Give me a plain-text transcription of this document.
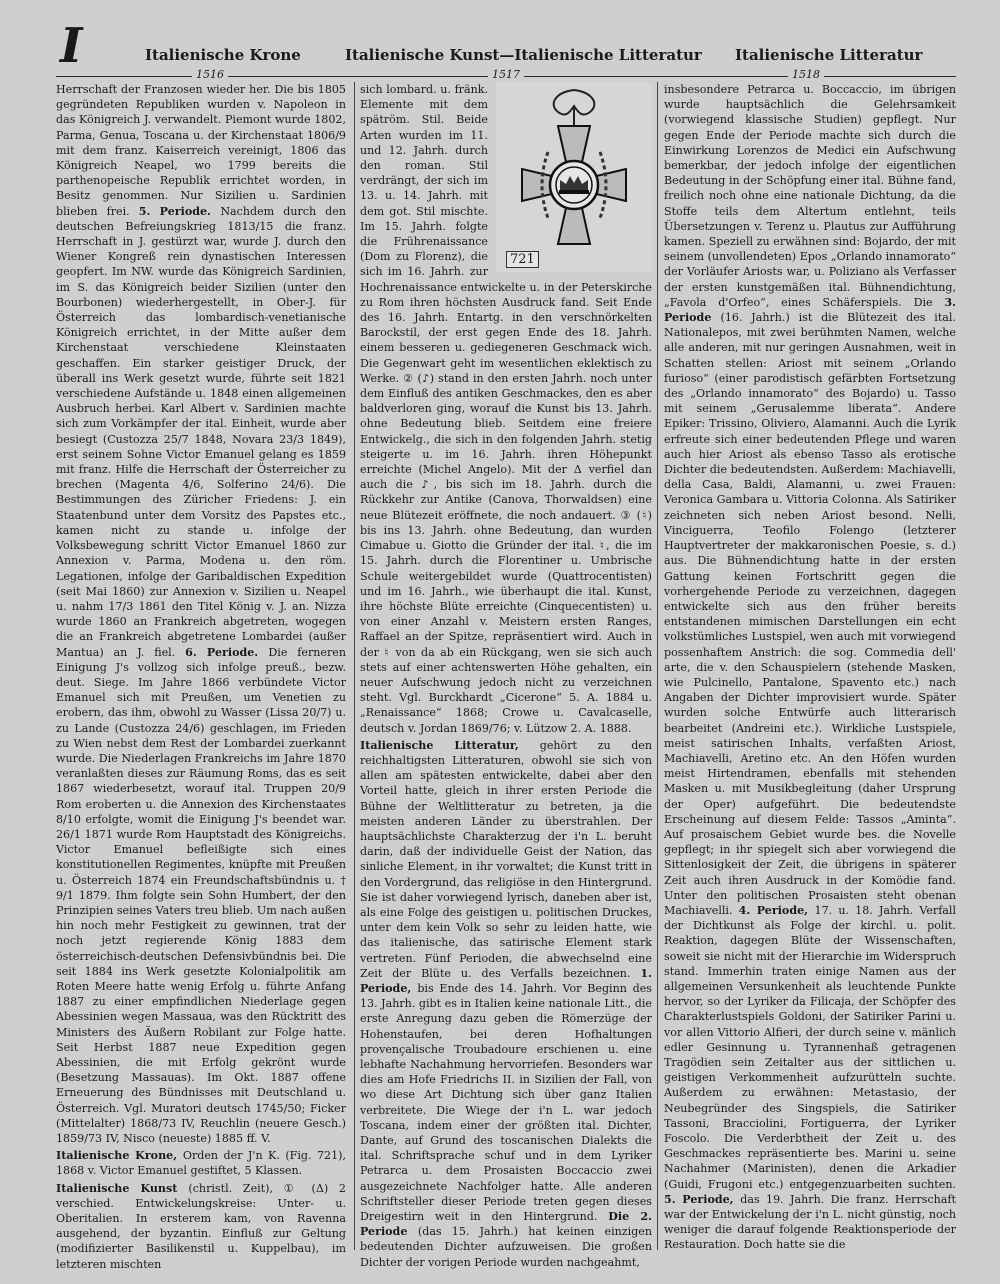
I	Italienische Krone	Italienische Kunst—Italienische Litteratur Italienische Litteratur
1516	1517	1518

Herrschaft der Franzosen wieder her. Die bis 1805 gegründeten Republiken wurden v. Napoleon in das Königreich J. verwandelt. Piemont wurde 1802, Parma, Genua, Toscana u. der Kirchenstaat 1806/9 mit dem franz. Kaiserreich vereinigt, 1806 das Königreich Neapel, wo 1799 bereits die parthenopeische Republik errichtet worden, in Besitz genommen. Nur Sizilien u. Sardinien blieben frei. 5. Periode. Nachdem durch den deutschen Befreiungskrieg 1813/15 die franz. Herrschaft in J. gestürzt war, wurde J. durch den Wiener Kongreß rein dynastischen Interessen geopfert. Im NW. wurde das Königreich Sardinien, im S. das Königreich beider Sizilien (unter den Bourbonen) wiederhergestellt, in Ober-J. für Österreich das lombardisch-venetianische Königreich errichtet, in der Mitte außer dem Kirchenstaat verschiedene Kleinstaaten geschaffen. Ein starker geistiger Druck, der überall ins Werk gesetzt wurde, führte seit 1821 verschiedene Aufstände u. 1848 einen allgemeinen Ausbruch herbei. Karl Albert v. Sardinien machte sich zum Vorkämpfer der ital. Einheit, wurde aber besiegt (Custozza 25/7 1848, Novara 23/3 1849), erst seinem Sohne Victor Emanuel gelang es 1859 mit franz. Hilfe die Herrschaft der Österreicher zu brechen (Magenta 4/6, Solferino 24/6). Die Bestimmungen des Züricher Friedens: J. ein Staatenbund unter dem Vorsitz des Papstes etc., kamen nicht zu stande u. infolge der Volksbewegung schritt Victor Emanuel 1860 zur Annexion v. Parma, Modena u. den röm. Legationen, infolge der Garibaldischen Expedition (seit Mai 1860) zur Annexion v. Sizilien u. Neapel u. nahm 17/3 1861 den Titel König v. J. an. Nizza wurde 1860 an Frankreich abgetreten, wogegen die an Frankreich abgetretene Lombardei (außer Mantua) an J. fiel. 6. Periode. Die ferneren Einigung J's vollzog sich infolge preuß., bezw. deut. Siege. Im Jahre 1866 verbündete Victor Emanuel sich mit Preußen, um Venetien zu erobern, das ihm, obwohl zu Wasser (Lissa 20/7) u. zu Lande (Custozza 24/6) geschlagen, im Frieden zu Wien nebst dem Rest der Lombardei zuerkannt wurde. Die Niederlagen Frankreichs im Jahre 1870 veranlaßten dieses zur Räumung Roms, das es seit 1867 wiederbesetzt, worauf ital. Truppen 20/9 Rom eroberten u. die Annexion des Kirchenstaates 8/10 erfolgte, womit die Einigung J's beendet war. 26/1 1871 wurde Rom Hauptstadt des Königreichs. Victor Emanuel befleißigte sich eines konstitutionellen Regimentes, knüpfte mit Preußen u. Österreich 1874 ein Freundschaftsbündnis u. † 9/1 1879. Ihm folgte sein Sohn Humbert, der den Prinzipien seines Vaters treu blieb. Um nach außen hin noch mehr Festigkeit zu gewinnen, trat der noch jetzt regierende König 1883 dem österreichisch-deutschen Defensivbündnis bei. Die seit 1884 ins Werk gesetzte Kolonialpolitik am Roten Meere hatte wenig Erfolg u. führte Anfang 1887 zu einer empfindlichen Niederlage gegen Abessinien wegen Massaua, was den Rücktritt des Ministers des Äußern Robilant zur Folge hatte. Seit Herbst 1887 neue Expedition gegen Abessinien, die mit Erfolg gekrönt wurde (Besetzung Massauas). Im Okt. 1887 offene Erneuerung des Bündnisses mit Deutschland u. Österreich. Vgl. Muratori deutsch 1745/50; Ficker (Mittelalter) 1868/73 IV, Reuchlin (neuere Gesch.) 1859/73 IV, Nisco (neueste) 1885 ff. V.

Italienische Krone, Orden der J'n K. (Fig. 721), 1868 v. Victor Emanuel gestiftet, 5 Klassen.

Italienische Kunst (christl. Zeit), ① (Δ) 2 verschied. Entwickelungskreise: Unter- u. Oberitalien. In ersterem kam, von Ravenna ausgehend, der byzantin. Einfluß zur Geltung (modifizierter Basilikenstil u. Kuppelbau), im letzteren mischten

721

sich lombard. u. fränk. Elemente mit dem spätröm. Stil. Beide Arten wurden im 11. und 12. Jahrh. durch den roman. Stil verdrängt, der sich im 13. u. 14. Jahrh. mit dem got. Stil mischte. Im 15. Jahrh. folgte die Frührenaissance (Dom zu Florenz), die sich im 16. Jahrh. zur Hochrenaissance entwickelte u. in der Peterskirche zu Rom ihren höchsten Ausdruck fand. Seit Ende des 16. Jahrh. Entartg. in den verschnörkelten Barockstil, der erst gegen Ende des 18. Jahrh. einem besseren u. gediegeneren Geschmack wich. Die Gegenwart geht im wesentlichen eklektisch zu Werke. ② (♪) stand in den ersten Jahrh. noch unter dem Einfluß des antiken Geschmackes, den es aber baldverloren ging, worauf die Kunst bis 13. Jahrh. ohne Bedeutung blieb. Seitdem eine freiere Entwickelg., die sich in den folgenden Jahrh. stetig steigerte u. im 16. Jahrh. ihren Höhepunkt erreichte (Michel Angelo). Mit der Δ verfiel dan auch die ♪, bis sich im 18. Jahrh. durch die Rückkehr zur Antike (Canova, Thorwaldsen) eine neue Blütezeit eröffnete, die noch andauert. ③ (♮) bis ins 13. Jahrh. ohne Bedeutung, dan wurden Cimabue u. Giotto die Gründer der ital. ♮, die im 15. Jahrh. durch die Florentiner u. Umbrische Schule weitergebildet wurde (Quattrocentisten) und im 16. Jahrh., wie überhaupt die ital. Kunst, ihre höchste Blüte erreichte (Cinquecentisten) u. von einer Anzahl v. Meistern ersten Ranges, Raffael an der Spitze, repräsentiert wird. Auch in der ♮ von da ab ein Rückgang, wen sie sich auch stets auf einer achtenswerten Höhe gehalten, ein neuer Aufschwung jedoch nicht zu verzeichnen steht. Vgl. Burckhardt „Cicerone“ 5. A. 1884 u. „Renaissance“ 1868; Crowe u. Cavalcaselle, deutsch v. Jordan 1869/76; v. Lützow 2. A. 1888.

Italienische Litteratur, gehört zu den reichhaltigsten Litteraturen, obwohl sie sich von allen am spätesten entwickelte, dabei aber den Vorteil hatte, gleich in ihrer ersten Periode die Bühne der Weltlitteratur zu betreten, ja die meisten anderen Länder zu überstrahlen. Der hauptsächlichste Charakterzug der i'n L. beruht darin, daß der individuelle Geist der Nation, das sinliche Element, in ihr vorwaltet; die Kunst tritt in den Vordergrund, das religiöse in den Hintergrund. Sie ist daher vorwiegend lyrisch, daneben aber ist, als eine Folge des geistigen u. politischen Druckes, unter dem kein Volk so sehr zu leiden hatte, wie das italienische, das satirische Element stark vertreten. Fünf Perioden, die abwechselnd eine Zeit der Blüte u. des Verfalls bezeichnen. 1. Periode, bis Ende des 14. Jahrh. Vor Beginn des 13. Jahrh. gibt es in Italien keine nationale Litt., die erste Anregung dazu geben die Römerzüge der Hohenstaufen, bei deren Hofhaltungen provençalische Troubadoure erschienen u. eine lebhafte Nachahmung hervorriefen. Besonders war dies am Hofe Friedrichs II. in Sizilien der Fall, von wo diese Art Dichtung sich über ganz Italien verbreitete. Die Wiege der i'n L. war jedoch Toscana, indem einer der größten ital. Dichter, Dante, auf Grund des toscanischen Dialekts die ital. Schriftsprache schuf und in dem Lyriker Petrarca u. dem Prosaisten Boccaccio zwei ausgezeichnete Nachfolger hatte. Alle anderen Schriftsteller dieser Periode treten gegen dieses Dreigestirn weit in den Hintergrund. Die 2. Periode (das 15. Jahrh.) hat keinen einzigen bedeutenden Dichter aufzuweisen. Die großen Dichter der vorigen Periode wurden nachgeahmt,

insbesondere Petrarca u. Boccaccio, im übrigen wurde hauptsächlich die Gelehrsamkeit (vorwiegend klassische Studien) gepflegt. Nur gegen Ende der Periode machte sich durch die Einwirkung Lorenzos de Medici ein Aufschwung bemerkbar, der jedoch infolge der eigentlichen Bedeutung in der Schöpfung einer ital. Bühne fand, freilich noch ohne eine nationale Dichtung, da die Stoffe teils dem Altertum entlehnt, teils Übersetzungen v. Terenz u. Plautus zur Aufführung kamen. Speziell zu erwähnen sind: Bojardo, der mit seinem (unvollendeten) Epos „Orlando innamorato“ der Vorläufer Ariosts war, u. Poliziano als Verfasser der ersten kunstgemäßen ital. Bühnendichtung, „Favola d'Orfeo“, eines Schäferspiels. Die 3. Periode (16. Jahrh.) ist die Blütezeit des ital. Nationalepos, mit zwei berühmten Namen, welche alle anderen, mit nur geringen Ausnahmen, weit in Schatten stellen: Ariost mit seinem „Orlando furioso“ (einer parodistisch gefärbten Fortsetzung des „Orlando innamorato“ des Bojardo) u. Tasso mit seinem „Gerusalemme liberata“. Andere Epiker: Trissino, Oliviero, Alamanni. Auch die Lyrik erfreute sich einer bedeutenden Pflege und waren auch hier Ariost als ebenso Tasso als erotische Dichter die bedeutendsten. Außerdem: Machiavelli, della Casa, Baldi, Alamanni, u. zwei Frauen: Veronica Gambara u. Vittoria Colonna. Als Satiriker zeichneten sich neben Ariost besond. Nelli, Vinciguerra, Teofilo Folengo (letzterer Hauptvertreter der makkaronischen Poesie, s. d.) aus. Die Bühnendichtung hatte in der ersten Gattung keinen Fortschritt gegen die vorhergehende Periode zu verzeichnen, dagegen entwickelte sich aus den früher bereits entstandenen mimischen Darstellungen ein echt volkstümliches Lustspiel, wen auch mit vorwiegend possenhaftem Anstrich: die sog. Commedia dell' arte, die v. den Schauspielern (stehende Masken, wie Pulcinello, Pantalone, Spavento etc.) nach Angaben der Dichter improvisiert wurde. Später wurden solche Entwürfe auch litterarisch bearbeitet (Andreini etc.). Wirkliche Lustspiele, meist satirischen Inhalts, verfaßten Ariost, Machiavelli, Aretino etc. An den Höfen wurden meist Hirtendramen, ebenfalls mit stehenden Masken u. mit Musikbegleitung (daher Ursprung der Oper) aufgeführt. Die bedeutendste Erscheinung auf diesem Felde: Tassos „Aminta“. Auf prosaischem Gebiet wurde bes. die Novelle gepflegt; in ihr spiegelt sich aber vorwiegend die Sittenlosigkeit der Zeit, die übrigens in späterer Zeit auch ihren Ausdruck in der Komödie fand. Unter den politischen Prosaisten steht obenan Machiavelli. 4. Periode, 17. u. 18. Jahrh. Verfall der Dichtkunst als Folge der kirchl. u. polit. Reaktion, dagegen Blüte der Wissenschaften, soweit sie nicht mit der Hierarchie im Widerspruch stand. Immerhin traten einige Namen aus der allgemeinen Versunkenheit als leuchtende Punkte hervor, so der Lyriker da Filicaja, der Schöpfer des Charakterlustspiels Goldoni, der Satiriker Parini u. vor allen Vittorio Alfieri, der durch seine v. mänlich edler Gesinnung u. Tyrannenhaß getragenen Tragödien sein Zeitalter aus der sittlichen u. geistigen Verkommenheit aufzurütteln suchte. Außerdem zu erwähnen: Metastasio, der Neubegründer des Singspiels, die Satiriker Tassoni, Bracciolini, Fortiguerra, der Lyriker Foscolo. Die Verderbtheit der Zeit u. des Geschmackes repräsentierte bes. Marini u. seine Nachahmer (Marinisten), denen die Arkadier (Guidi, Frugoni etc.) entgegenzuarbeiten suchten. 5. Periode, das 19. Jahrh. Die franz. Herrschaft war der Entwickelung der i'n L. nicht günstig, noch weniger die darauf folgende Reaktionsperiode der Restauration. Doch hatte sie die
